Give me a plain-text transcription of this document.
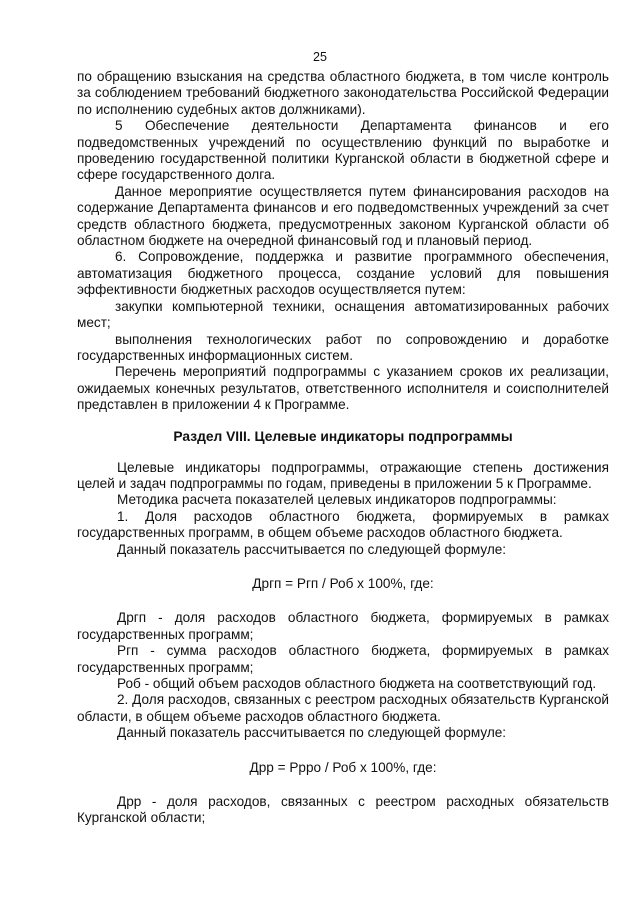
25

по обращению взыскания на средства областного бюджета, в том числе контроль за соблюдением требований бюджетного законодательства Российской Федерации по исполнению судебных актов должниками).

5 Обеспечение деятельности Департамента финансов и его подведомственных учреждений по осуществлению функций по выработке и проведению государственной политики Курганской области в бюджетной сфере и сфере государственного долга.

Данное мероприятие осуществляется путем финансирования расходов на содержание Департамента финансов и его подведомственных учреждений за счет средств областного бюджета, предусмотренных законом Курганской области об областном бюджете на очередной финансовый год и плановый период.

6. Сопровождение, поддержка и развитие программного обеспечения, автоматизация бюджетного процесса, создание условий для повышения эффективности бюджетных расходов осуществляется путем:

закупки компьютерной техники, оснащения автоматизированных рабочих мест;

выполнения технологических работ по сопровождению и доработке государственных информационных систем.

Перечень мероприятий подпрограммы с указанием сроков их реализации, ожидаемых конечных результатов, ответственного исполнителя и соисполнителей представлен в приложении 4 к Программе.

Раздел VIII. Целевые индикаторы подпрограммы

Целевые индикаторы подпрограммы, отражающие степень достижения целей и задач подпрограммы по годам, приведены в приложении 5 к Программе.

Методика расчета показателей целевых индикаторов подпрограммы:

1. Доля расходов областного бюджета, формируемых в рамках государственных программ, в общем объеме расходов областного бюджета.

Данный показатель рассчитывается по следующей формуле:

Дргп = Ргп / Роб х 100%, где:

Дргп - доля расходов областного бюджета, формируемых в рамках государственных программ;

Ргп - сумма расходов областного бюджета, формируемых в рамках государственных программ;

Роб - общий объем расходов областного бюджета на соответствующий год.

2. Доля расходов, связанных с реестром расходных обязательств Курганской области, в общем объеме расходов областного бюджета.

Данный показатель рассчитывается по следующей формуле:

Дрр = Ррро / Роб х 100%, где:

Дрр - доля расходов, связанных с реестром расходных обязательств Курганской области;
